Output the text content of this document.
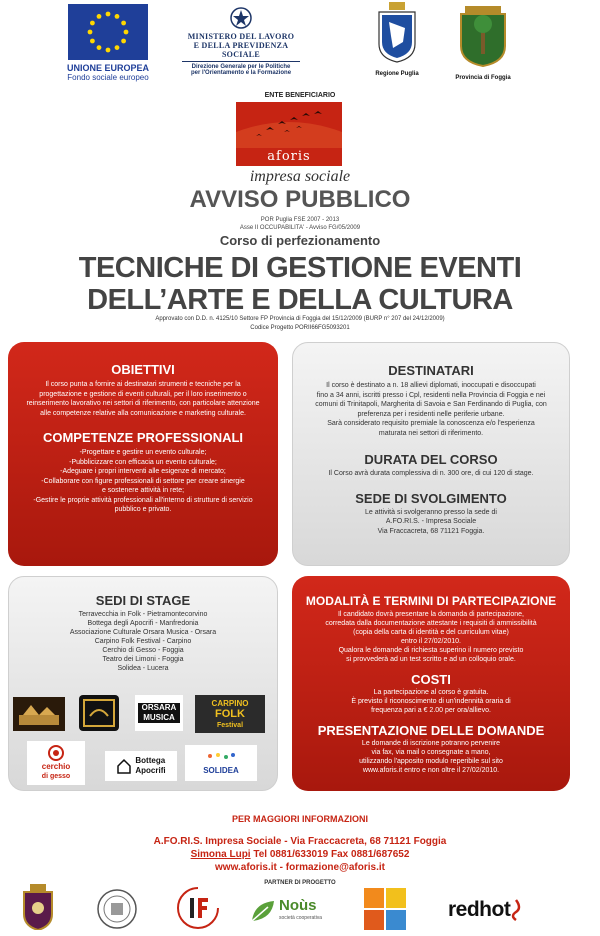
UNIONE EUROPEA
Fondo sociale europeo
MINISTERO DEL LAVORO
E DELLA PREVIDENZA SOCIALE
Direzione Generale per le Politiche
per l'Orientamento e la Formazione	Regione Puglia
Provincia di Foggia
ENTE BENEFICIARIO
aforis
impresa sociale
AVVISO PUBBLICO
POR Puglia FSE 2007 - 2013
Asse II OCCUPABILITA' - Avviso FG/05/2009
Corso di perfezionamento
TECNICHE DI GESTIONE EVENTI
DELL’ARTE E DELLA CULTURA
Approvato con D.D. n. 4125/10 Settore FP Provincia di Foggia del 15/12/2009 (BURP n° 207 del 24/12/2009)
Codice Progetto PORII66FG5093201
OBIETTIVI
Il corso punta a fornire ai destinatari strumenti e tecniche per la
progettazione e gestione di eventi culturali, per il loro inserimento o
reinserimento lavorativo nei settori di riferimento, con particolare attenzione
alle competenze relative alla comunicazione e marketing culturale.
COMPETENZE PROFESSIONALI
-Progettare e gestire un evento culturale;
-Pubblicizzare con efficacia un evento culturale;
-Adeguare i propri interventi alle esigenze di mercato;
-Collaborare con figure professionali di settore per creare sinergie
e sostenere attività in rete;
-Gestire le proprie attività professionali all'interno di strutture di servizio
pubblico e privato.
DESTINATARI
Il corso è destinato a n. 18 allievi diplomati, inoccupati e disoccupati
fino a 34 anni, iscritti presso i Cpl, residenti nella Provincia di Foggia e nei
comuni di Trinitapoli, Margherita di Savoia e San Ferdinando di Puglia, con
preferenza per i residenti nelle periferie urbane.
Sarà considerato requisito premiale la conoscenza e/o l'esperienza
maturata nei settori di riferimento.
DURATA DEL CORSO
Il Corso avrà durata complessiva di n. 300 ore, di cui 120 di stage.
SEDE DI SVOLGIMENTO
Le attività si svolgeranno presso la sede di
A.FO.RI.S. - Impresa Sociale
Via Fraccacreta, 68 71121 Foggia.
SEDI DI STAGE
Terravecchia in Folk - Pietramontecorvino
Bottega degli Apocrifi - Manfredonia
Associazione Culturale Orsara Musica - Orsara
Carpino Folk Festival - Carpino
Cerchio di Gesso - Foggia
Teatro dei Limoni - Foggia
Solidea - Lucera
ORSARA
MUSICA
CARPINO
FOLK
Festival
cerchio
di gesso
Bottega
Apocrifi	SOLIDEA
MODALITÀ E TERMINI DI PARTECIPAZIONE
Il candidato dovrà presentare la domanda di partecipazione,
corredata dalla documentazione attestante i requisiti di ammissibilità
(copia della carta di identità e del curriculum vitae)
entro il 27/02/2010.
Qualora le domande di richiesta superino il numero previsto
si provvederà ad un test scritto e ad un colloquio orale.
COSTI
La partecipazione al corso è gratuita.
È previsto il riconoscimento di un'indennità oraria di
frequenza pari a € 2.00 per ora/allievo.
PRESENTAZIONE DELLE DOMANDE
Le domande di iscrizione potranno pervenire
via fax, via mail o consegnate a mano,
utilizzando l'apposito modulo reperibile sul sito
www.aforis.it entro e non oltre il 27/02/2010.
PER MAGGIORI INFORMAZIONI
A.FO.RI.S. Impresa Sociale - Via Fraccacreta, 68 71121 Foggia
Simona Lupi Tel 0881/633019 Fax 0881/687652
www.aforis.it - formazione@aforis.it
PARTNER DI PROGETTO
Noùs
società cooperativa	redhot
